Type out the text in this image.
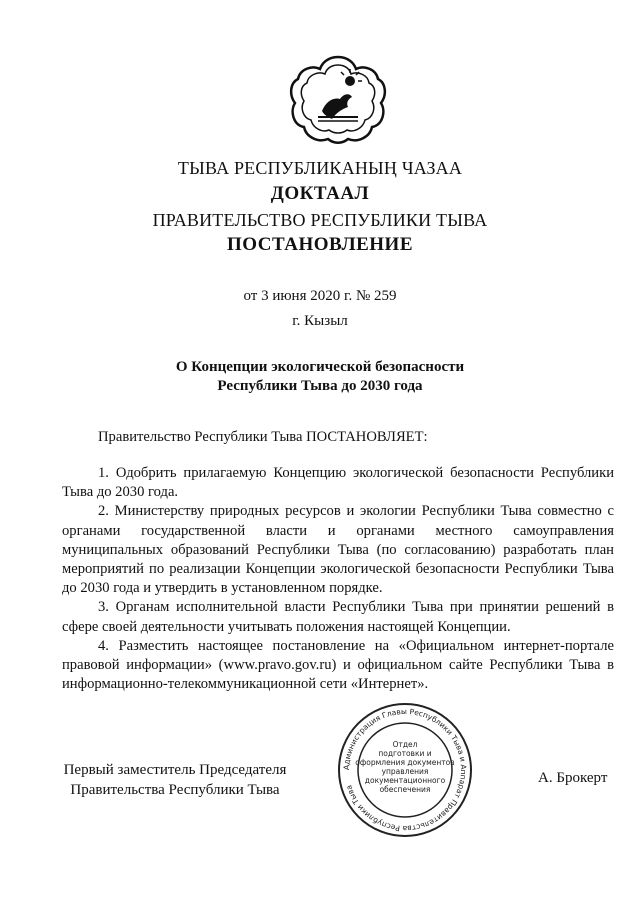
ТЫВА РЕСПУБЛИКАНЫҢ ЧАЗАА
ДОКТААЛ
ПРАВИТЕЛЬСТВО РЕСПУБЛИКИ ТЫВА
ПОСТАНОВЛЕНИЕ
от 3 июня 2020 г. № 259
г. Кызыл
О Концепции экологической безопасности
Республики Тыва до 2030 года
Правительство Республики Тыва ПОСТАНОВЛЯЕТ:

1. Одобрить прилагаемую Концепцию экологической безопасности Республики Тыва до 2030 года.

2. Министерству природных ресурсов и экологии Республики Тыва совместно с органами государственной власти и органами местного самоуправления муниципальных образований Республики Тыва (по согласованию) разработать план мероприятий по реализации Концепции экологической безопасности Республики Тыва до 2030 года и утвердить в установленном порядке.

3. Органам исполнительной власти Республики Тыва при принятии решений в сфере своей деятельности учитывать положения настоящей Концепции.

4. Разместить настоящее постановление на «Официальном интернет-портале правовой информации» (www.pravo.gov.ru) и официальном сайте Республики Тыва в информационно-телекоммуникационной сети «Интернет».

Первый заместитель Председателя
Правительства Республики Тыва
Администрация Главы Республики Тыва и Аппарат Правительства Республики Тыва
Отдел
подготовки и
оформления документов
управления
документационного
обеспечения
А. Брокерт
